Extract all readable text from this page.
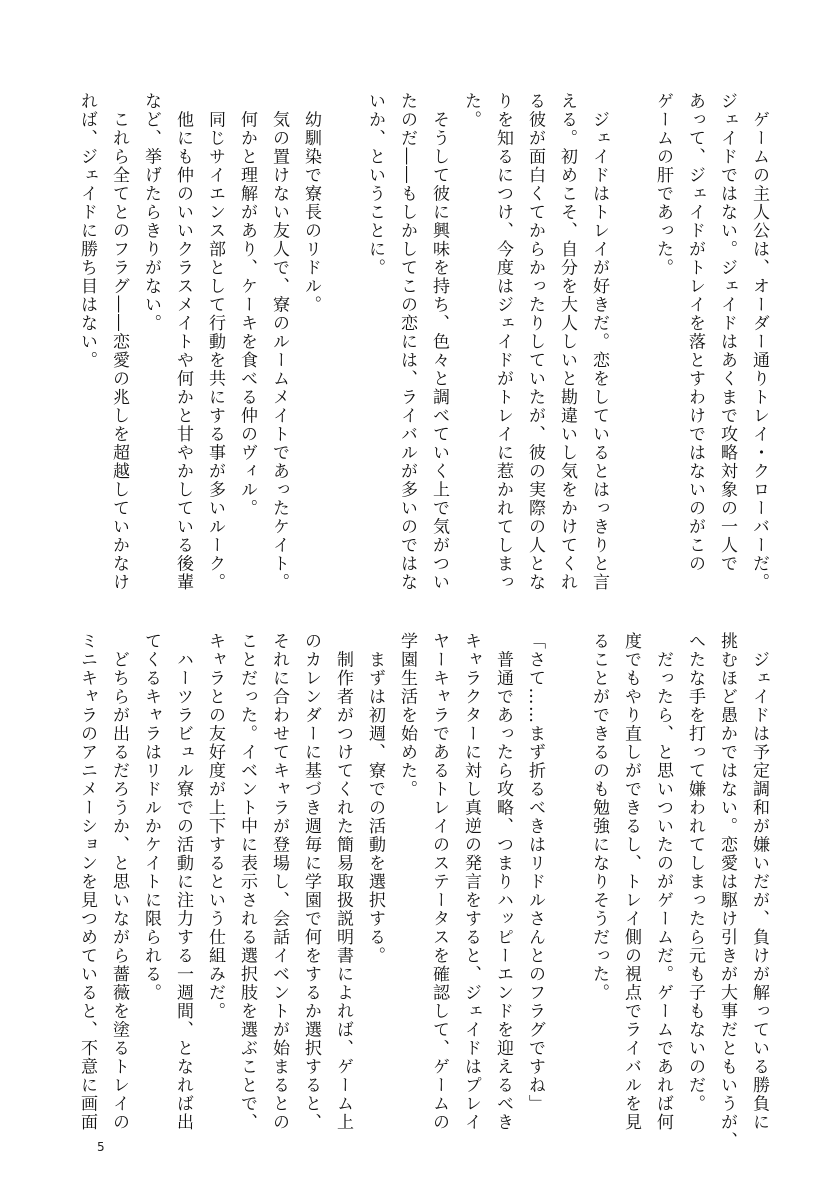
　ゲームの主人公は、オーダー通りトレイ・クローバーだ。
ジェイドではない。ジェイドはあくまで攻略対象の一人で
あって、ジェイドがトレイを落とすわけではないのがこの
ゲームの肝であった。

　ジェイドはトレイが好きだ。恋をしているとはっきりと言
える。初めこそ、自分を大人しいと勘違いし気をかけてくれ
る彼が面白くてからかったりしていたが、彼の実際の人とな
りを知るにつけ、今度はジェイドがトレイに惹かれてしまっ
た。
　そうして彼に興味を持ち、色々と調べていく上で気がつい
たのだ――もしかしてこの恋には、ライバルが多いのではな
いか、ということに。

　幼馴染で寮長のリドル。
　気の置けない友人で、寮のルームメイトであったケイト。
　何かと理解があり、ケーキを食べる仲のヴィル。
　同じサイエンス部として行動を共にする事が多いルーク。
　他にも仲のいいクラスメイトや何かと甘やかしている後輩
など、挙げたらきりがない。
　これら全てとのフラグ――恋愛の兆しを超越していかなけ
れば、ジェイドに勝ち目はない。
　ジェイドは予定調和が嫌いだが、負けが解っている勝負に
挑むほど愚かではない。恋愛は駆け引きが大事だともいうが、
へたな手を打って嫌われてしまったら元も子もないのだ。
　だったら、と思いついたのがゲームだ。ゲームであれば何
度でもやり直しができるし、トレイ側の視点でライバルを見
ることができるのも勉強になりそうだった。

「さて……まず折るべきはリドルさんとのフラグですね」
　普通であったら攻略、つまりハッピーエンドを迎えるべき
キャラクターに対し真逆の発言をすると、ジェイドはプレイ
ヤーキャラであるトレイのステータスを確認して、ゲームの
学園生活を始めた。
　まずは初週、寮での活動を選択する。
　制作者がつけてくれた簡易取扱説明書によれば、ゲーム上
のカレンダーに基づき週毎に学園で何をするか選択すると、
それに合わせてキャラが登場し、会話イベントが始まるとの
ことだった。イベント中に表示される選択肢を選ぶことで、
キャラとの友好度が上下するという仕組みだ。
　ハーツラビュル寮での活動に注力する一週間、となれば出
てくるキャラはリドルかケイトに限られる。
　どちらが出るだろうか、と思いながら薔薇を塗るトレイの
ミニキャラのアニメーションを見つめていると、不意に画面
5
